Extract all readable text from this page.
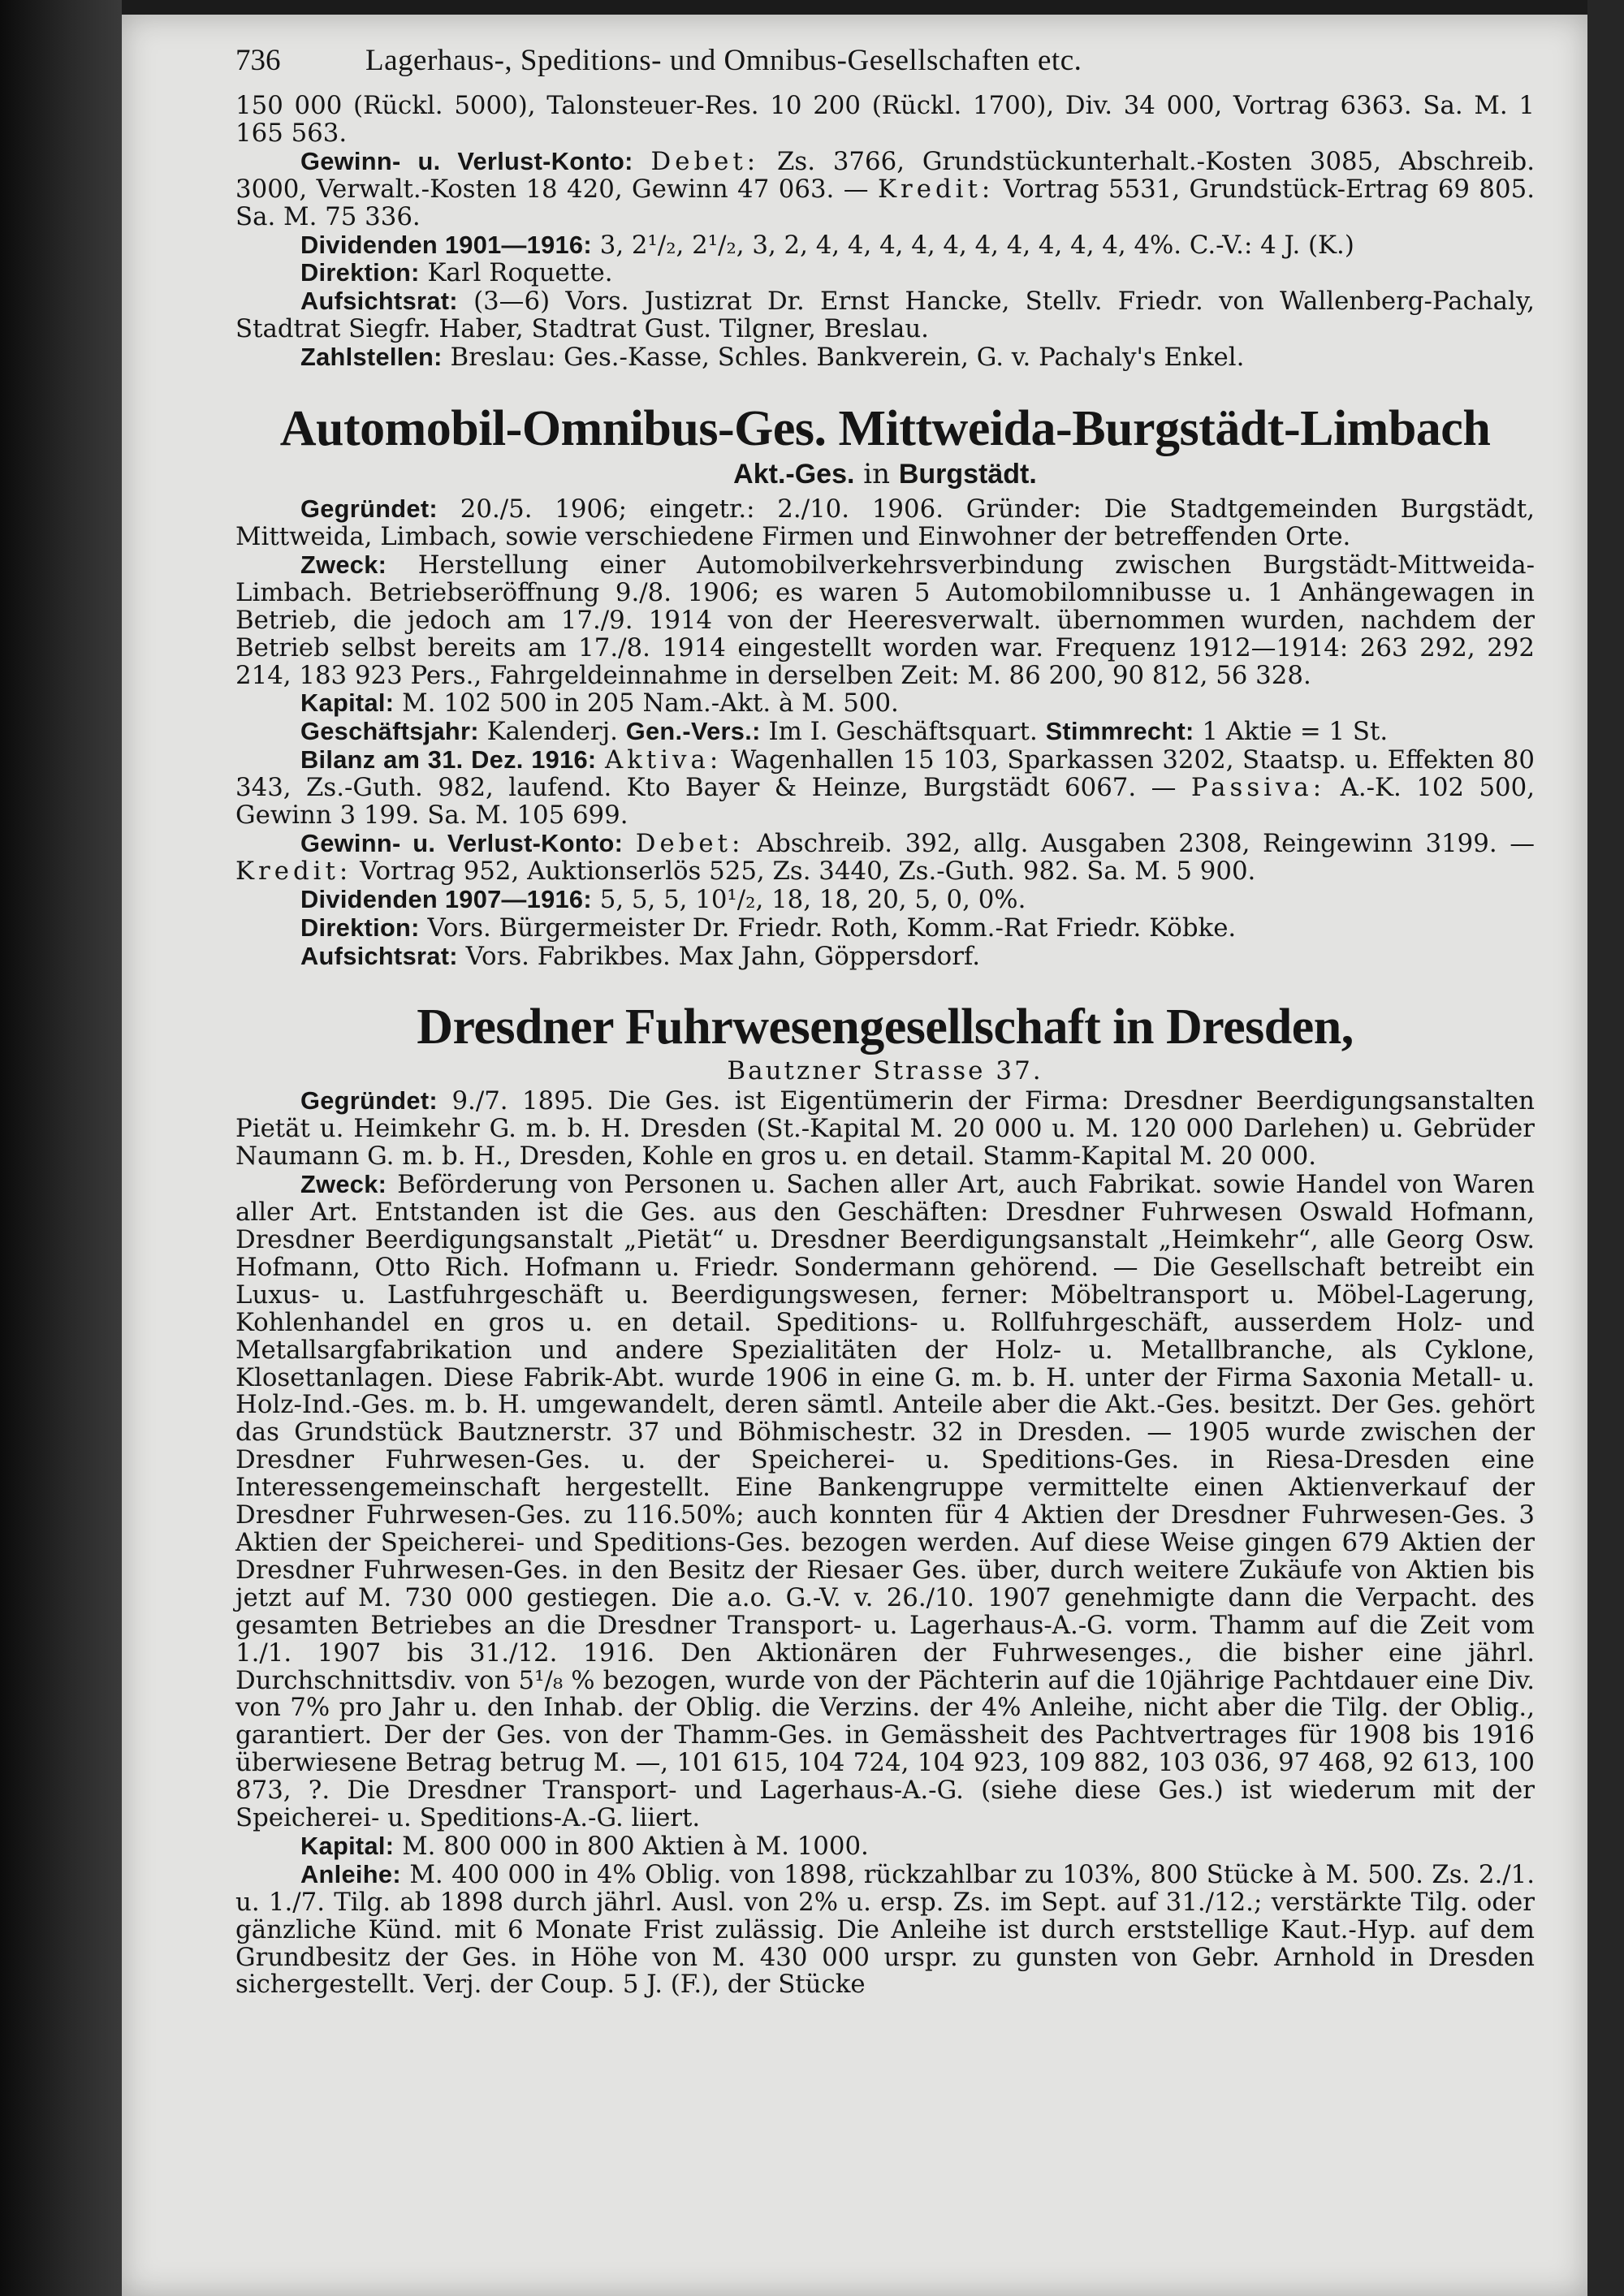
736	Lagerhaus-, Speditions- und Omnibus-Gesellschaften etc.

150 000 (Rückl. 5000), Talonsteuer-Res. 10 200 (Rückl. 1700), Div. 34 000, Vortrag 6363. Sa. M. 1 165 563.

Gewinn- u. Verlust-Konto: Debet: Zs. 3766, Grundstückunterhalt.-Kosten 3085, Abschreib. 3000, Verwalt.-Kosten 18 420, Gewinn 47 063. — Kredit: Vortrag 5531, Grundstück-Ertrag 69 805. Sa. M. 75 336.

Dividenden 1901—1916: 3, 2¹/₂, 2¹/₂, 3, 2, 4, 4, 4, 4, 4, 4, 4, 4, 4, 4, 4%. C.-V.: 4 J. (K.)

Direktion: Karl Roquette.

Aufsichtsrat: (3—6) Vors. Justizrat Dr. Ernst Hancke, Stellv. Friedr. von Wallenberg-Pachaly, Stadtrat Siegfr. Haber, Stadtrat Gust. Tilgner, Breslau.

Zahlstellen: Breslau: Ges.-Kasse, Schles. Bankverein, G. v. Pachaly's Enkel.

Automobil-Omnibus-Ges. Mittweida-Burgstädt-Limbach
Akt.-Ges. in Burgstädt.

Gegründet: 20./5. 1906; eingetr.: 2./10. 1906. Gründer: Die Stadtgemeinden Burgstädt, Mittweida, Limbach, sowie verschiedene Firmen und Einwohner der betreffenden Orte.

Zweck: Herstellung einer Automobilverkehrsverbindung zwischen Burgstädt-Mittweida-Limbach. Betriebseröffnung 9./8. 1906; es waren 5 Automobilomnibusse u. 1 Anhängewagen in Betrieb, die jedoch am 17./9. 1914 von der Heeresverwalt. übernommen wurden, nachdem der Betrieb selbst bereits am 17./8. 1914 eingestellt worden war. Frequenz 1912—1914: 263 292, 292 214, 183 923 Pers., Fahrgeldeinnahme in derselben Zeit: M. 86 200, 90 812, 56 328.

Kapital: M. 102 500 in 205 Nam.-Akt. à M. 500.

Geschäftsjahr: Kalenderj. Gen.-Vers.: Im I. Geschäftsquart. Stimmrecht: 1 Aktie = 1 St.

Bilanz am 31. Dez. 1916: Aktiva: Wagenhallen 15 103, Sparkassen 3202, Staatsp. u. Effekten 80 343, Zs.-Guth. 982, laufend. Kto Bayer & Heinze, Burgstädt 6067. — Passiva: A.-K. 102 500, Gewinn 3 199. Sa. M. 105 699.

Gewinn- u. Verlust-Konto: Debet: Abschreib. 392, allg. Ausgaben 2308, Reingewinn 3199. — Kredit: Vortrag 952, Auktionserlös 525, Zs. 3440, Zs.-Guth. 982. Sa. M. 5 900.

Dividenden 1907—1916: 5, 5, 5, 10¹/₂, 18, 18, 20, 5, 0, 0%.

Direktion: Vors. Bürgermeister Dr. Friedr. Roth, Komm.-Rat Friedr. Köbke.

Aufsichtsrat: Vors. Fabrikbes. Max Jahn, Göppersdorf.

Dresdner Fuhrwesengesellschaft in Dresden,
Bautzner Strasse 37.

Gegründet: 9./7. 1895. Die Ges. ist Eigentümerin der Firma: Dresdner Beerdigungsanstalten Pietät u. Heimkehr G. m. b. H. Dresden (St.-Kapital M. 20 000 u. M. 120 000 Darlehen) u. Gebrüder Naumann G. m. b. H., Dresden, Kohle en gros u. en detail. Stamm-Kapital M. 20 000.

Zweck: Beförderung von Personen u. Sachen aller Art, auch Fabrikat. sowie Handel von Waren aller Art. Entstanden ist die Ges. aus den Geschäften: Dresdner Fuhrwesen Oswald Hofmann, Dresdner Beerdigungsanstalt „Pietät“ u. Dresdner Beerdigungsanstalt „Heimkehr“, alle Georg Osw. Hofmann, Otto Rich. Hofmann u. Friedr. Sondermann gehörend. — Die Gesellschaft betreibt ein Luxus- u. Lastfuhrgeschäft u. Beerdigungswesen, ferner: Möbeltransport u. Möbel-Lagerung, Kohlenhandel en gros u. en detail. Speditions- u. Rollfuhrgeschäft, ausserdem Holz- und Metallsargfabrikation und andere Spezialitäten der Holz- u. Metallbranche, als Cyklone, Klosettanlagen. Diese Fabrik-Abt. wurde 1906 in eine G. m. b. H. unter der Firma Saxonia Metall- u. Holz-Ind.-Ges. m. b. H. umgewandelt, deren sämtl. Anteile aber die Akt.-Ges. besitzt. Der Ges. gehört das Grundstück Bautznerstr. 37 und Böhmischestr. 32 in Dresden. — 1905 wurde zwischen der Dresdner Fuhrwesen-Ges. u. der Speicherei- u. Speditions-Ges. in Riesa-Dresden eine Interessengemeinschaft hergestellt. Eine Bankengruppe vermittelte einen Aktienverkauf der Dresdner Fuhrwesen-Ges. zu 116.50%; auch konnten für 4 Aktien der Dresdner Fuhrwesen-Ges. 3 Aktien der Speicherei- und Speditions-Ges. bezogen werden. Auf diese Weise gingen 679 Aktien der Dresdner Fuhrwesen-Ges. in den Besitz der Riesaer Ges. über, durch weitere Zukäufe von Aktien bis jetzt auf M. 730 000 gestiegen. Die a.o. G.-V. v. 26./10. 1907 genehmigte dann die Verpacht. des gesamten Betriebes an die Dresdner Transport- u. Lagerhaus-A.-G. vorm. Thamm auf die Zeit vom 1./1. 1907 bis 31./12. 1916. Den Aktionären der Fuhrwesenges., die bisher eine jährl. Durchschnittsdiv. von 5¹/₈ % bezogen, wurde von der Pächterin auf die 10jährige Pachtdauer eine Div. von 7% pro Jahr u. den Inhab. der Oblig. die Verzins. der 4% Anleihe, nicht aber die Tilg. der Oblig., garantiert. Der der Ges. von der Thamm-Ges. in Gemässheit des Pachtvertrages für 1908 bis 1916 überwiesene Betrag betrug M. —, 101 615, 104 724, 104 923, 109 882, 103 036, 97 468, 92 613, 100 873, ?. Die Dresdner Transport- und Lagerhaus-A.-G. (siehe diese Ges.) ist wiederum mit der Speicherei- u. Speditions-A.-G. liiert.

Kapital: M. 800 000 in 800 Aktien à M. 1000.

Anleihe: M. 400 000 in 4% Oblig. von 1898, rückzahlbar zu 103%, 800 Stücke à M. 500. Zs. 2./1. u. 1./7. Tilg. ab 1898 durch jährl. Ausl. von 2% u. ersp. Zs. im Sept. auf 31./12.; verstärkte Tilg. oder gänzliche Künd. mit 6 Monate Frist zulässig. Die Anleihe ist durch erststellige Kaut.-Hyp. auf dem Grundbesitz der Ges. in Höhe von M. 430 000 urspr. zu gunsten von Gebr. Arnhold in Dresden sichergestellt. Verj. der Coup. 5 J. (F.), der Stücke
